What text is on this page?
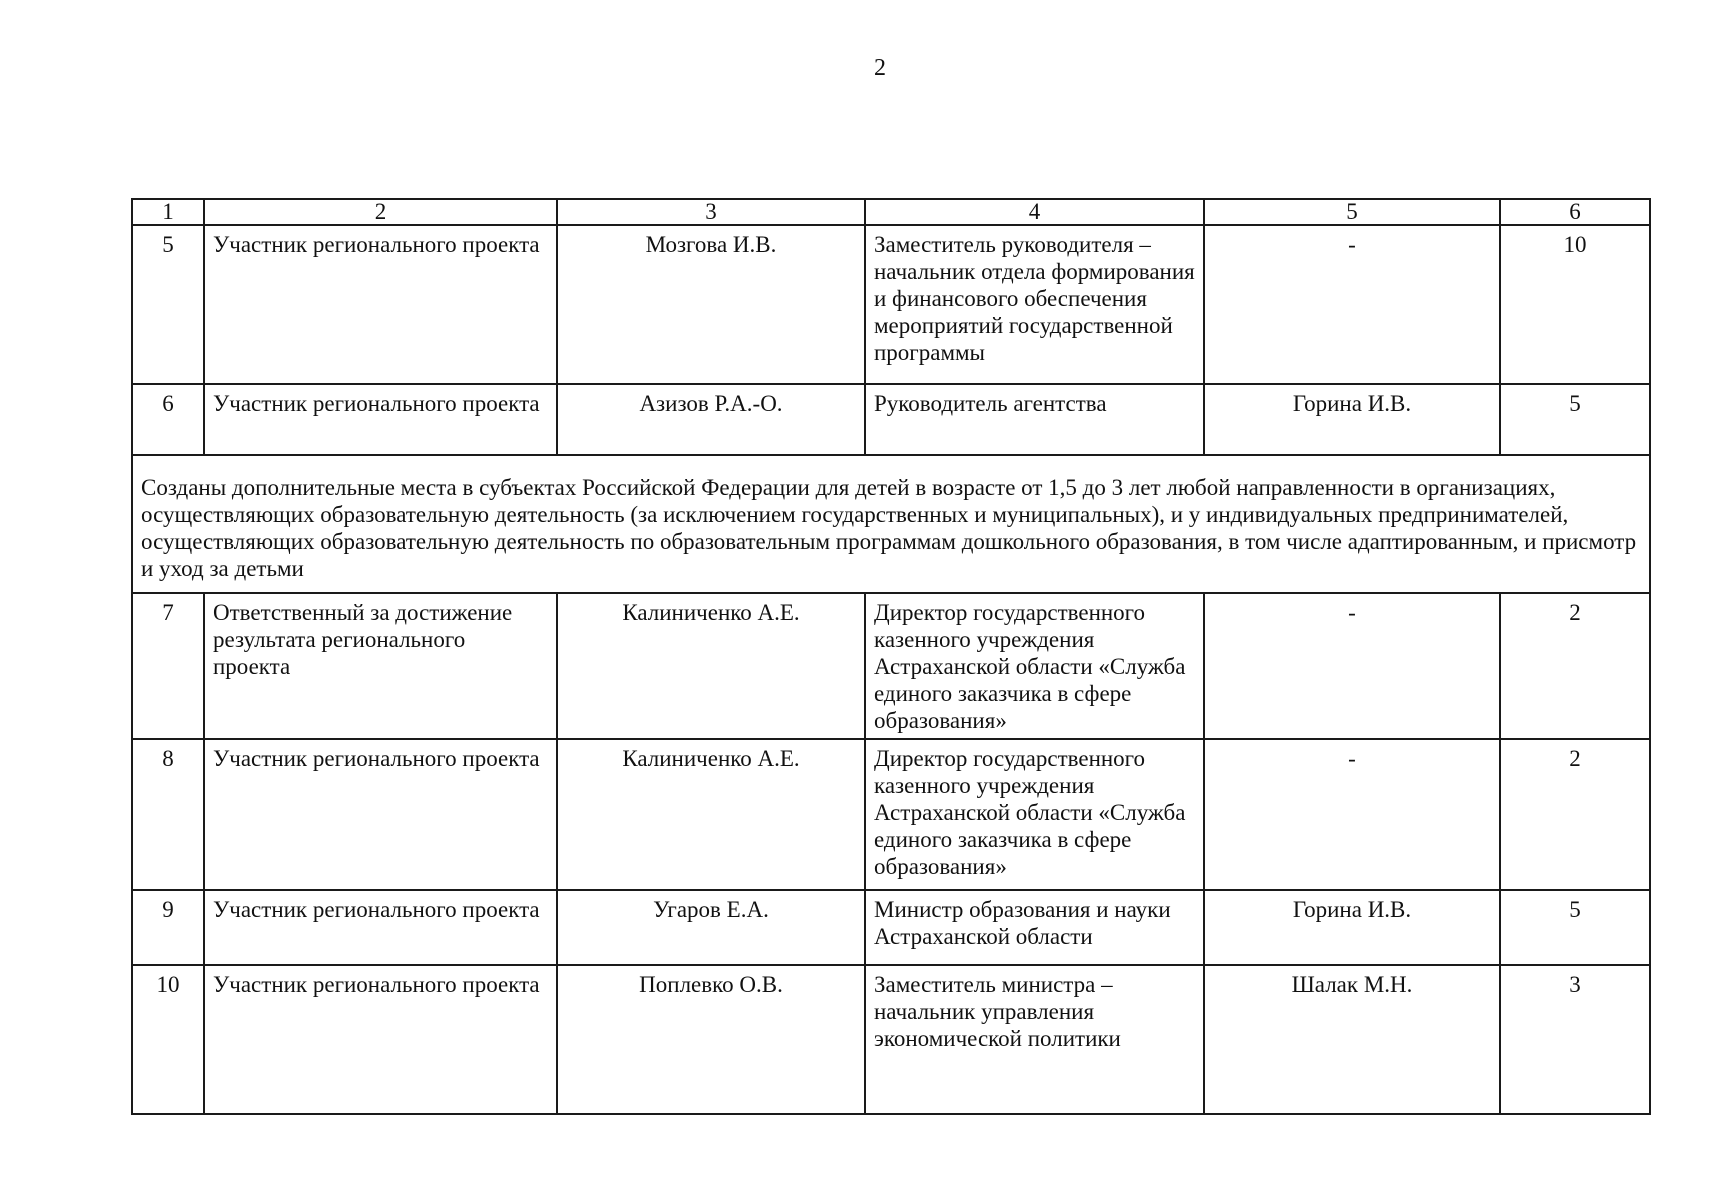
2
1	2	3	4	5	6
5	Участник регионального проекта	Мозгова И.В.	Заместитель руководителя – начальник отдела формирования и финансового обеспечения мероприятий государственной программы	-	10
6	Участник регионального проекта	Азизов Р.А.-О.	Руководитель агентства	Горина И.В.	5
Созданы дополнительные места в субъектах Российской Федерации для детей в возрасте от 1,5 до 3 лет любой направленности в организациях, осуществляющих образовательную деятельность (за исключением государственных и муниципальных), и у индивидуальных предпринимателей, осуществляющих образовательную деятельность по образовательным программам дошкольного образования, в том числе адаптированным, и присмотр и уход за детьми					
7	Ответственный за достижение результата регионального проекта	Калиниченко А.Е.	Директор государственного казенного учреждения Астраханской области «Служба единого заказчика в сфере образования»	-	2
8	Участник регионального проекта	Калиниченко А.Е.	Директор государственного казенного учреждения Астраханской области «Служба единого заказчика в сфере образования»	-	2
9	Участник регионального проекта	Угаров Е.А.	Министр образования и науки Астраханской области	Горина И.В.	5
10	Участник регионального проекта	Поплевко О.В.	Заместитель министра – начальник управления экономической политики	Шалак М.Н.	3
